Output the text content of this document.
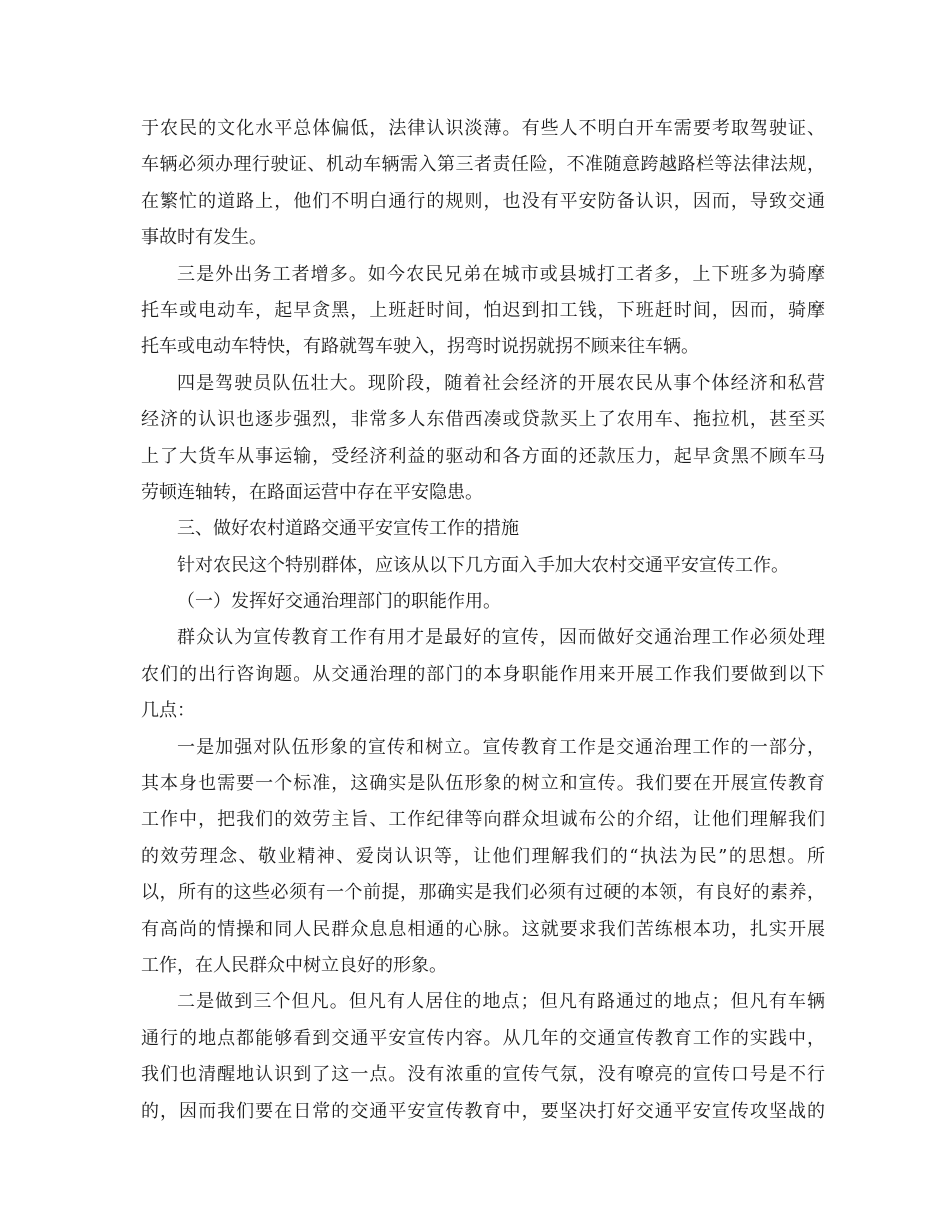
于农民的文化水平总体偏低，法律认识淡薄。有些人不明白开车需要考取驾驶证、
车辆必须办理行驶证、机动车辆需入第三者责任险，不准随意跨越路栏等法律法规，
在繁忙的道路上，他们不明白通行的规则，也没有平安防备认识，因而，导致交通
事故时有发生。
三是外出务工者增多。如今农民兄弟在城市或县城打工者多，上下班多为骑摩
托车或电动车，起早贪黑，上班赶时间，怕迟到扣工钱，下班赶时间，因而，骑摩
托车或电动车特快，有路就驾车驶入，拐弯时说拐就拐不顾来往车辆。
四是驾驶员队伍壮大。现阶段，随着社会经济的开展农民从事个体经济和私营
经济的认识也逐步强烈，非常多人东借西凑或贷款买上了农用车、拖拉机，甚至买
上了大货车从事运输，受经济利益的驱动和各方面的还款压力，起早贪黑不顾车马
劳顿连轴转，在路面运营中存在平安隐患。
三、做好农村道路交通平安宣传工作的措施
针对农民这个特别群体，应该从以下几方面入手加大农村交通平安宣传工作。
（一）发挥好交通治理部门的职能作用。
群众认为宣传教育工作有用才是最好的宣传，因而做好交通治理工作必须处理
农们的出行咨询题。从交通治理的部门的本身职能作用来开展工作我们要做到以下
几点：
一是加强对队伍形象的宣传和树立。宣传教育工作是交通治理工作的一部分，
其本身也需要一个标准，这确实是队伍形象的树立和宣传。我们要在开展宣传教育
工作中，把我们的效劳主旨、工作纪律等向群众坦诚布公的介绍，让他们理解我们
的效劳理念、敬业精神、爱岗认识等，让他们理解我们的“执法为民”的思想。所
以，所有的这些必须有一个前提，那确实是我们必须有过硬的本领，有良好的素养，
有高尚的情操和同人民群众息息相通的心脉。这就要求我们苦练根本功，扎实开展
工作，在人民群众中树立良好的形象。
二是做到三个但凡。但凡有人居住的地点；但凡有路通过的地点；但凡有车辆
通行的地点都能够看到交通平安宣传内容。从几年的交通宣传教育工作的实践中，
我们也清醒地认识到了这一点。没有浓重的宣传气氛，没有嘹亮的宣传口号是不行
的，因而我们要在日常的交通平安宣传教育中，要坚决打好交通平安宣传攻坚战的
